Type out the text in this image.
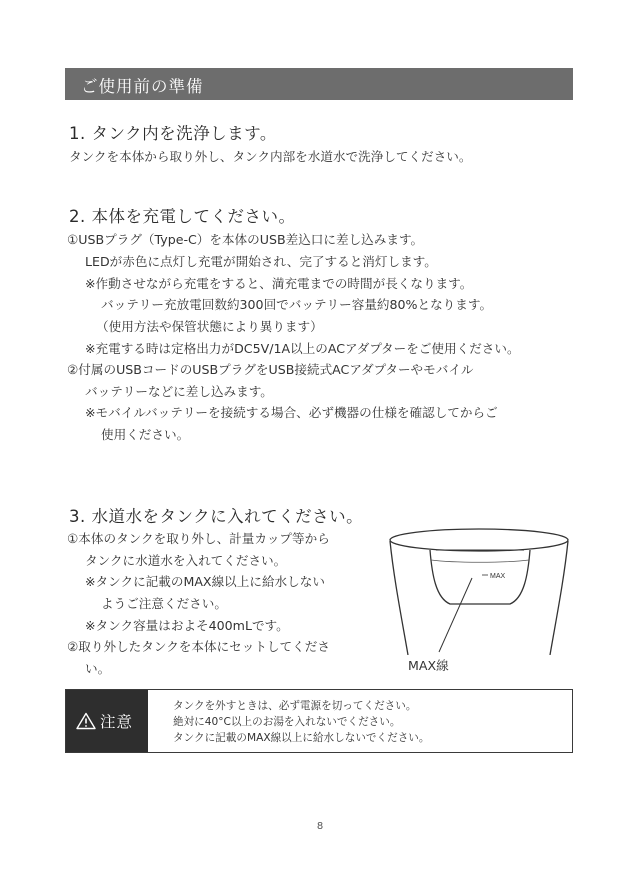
ご使用前の準備
1. タンク内を洗浄します。
タンクを本体から取り外し、タンク内部を水道水で洗浄してください。
2. 本体を充電してください。
①USBプラグ（Type-C）を本体のUSB差込口に差し込みます。
LEDが赤色に点灯し充電が開始され、完了すると消灯します。
※作動させながら充電をすると、満充電までの時間が長くなります。
バッテリー充放電回数約300回でバッテリー容量約80%となります。
（使用方法や保管状態により異ります）
※充電する時は定格出力がDC5V/1A以上のACアダプターをご使用ください。
②付属のUSBコードのUSBプラグをUSB接続式ACアダプターやモバイル
バッテリーなどに差し込みます。
※モバイルバッテリーを接続する場合、必ず機器の仕様を確認してからご
使用ください。
3. 水道水をタンクに入れてください。
①本体のタンクを取り外し、計量カップ等から
タンクに水道水を入れてください。
※タンクに記載のMAX線以上に給水しない
ようご注意ください。
※タンク容量はおよそ400mLです。
②取り外したタンクを本体にセットしてくださ
い。
MAX
MAX線
注意
タンクを外すときは、必ず電源を切ってください。
絶対に40°C以上のお湯を入れないでください。
タンクに記載のMAX線以上に給水しないでください。
8
